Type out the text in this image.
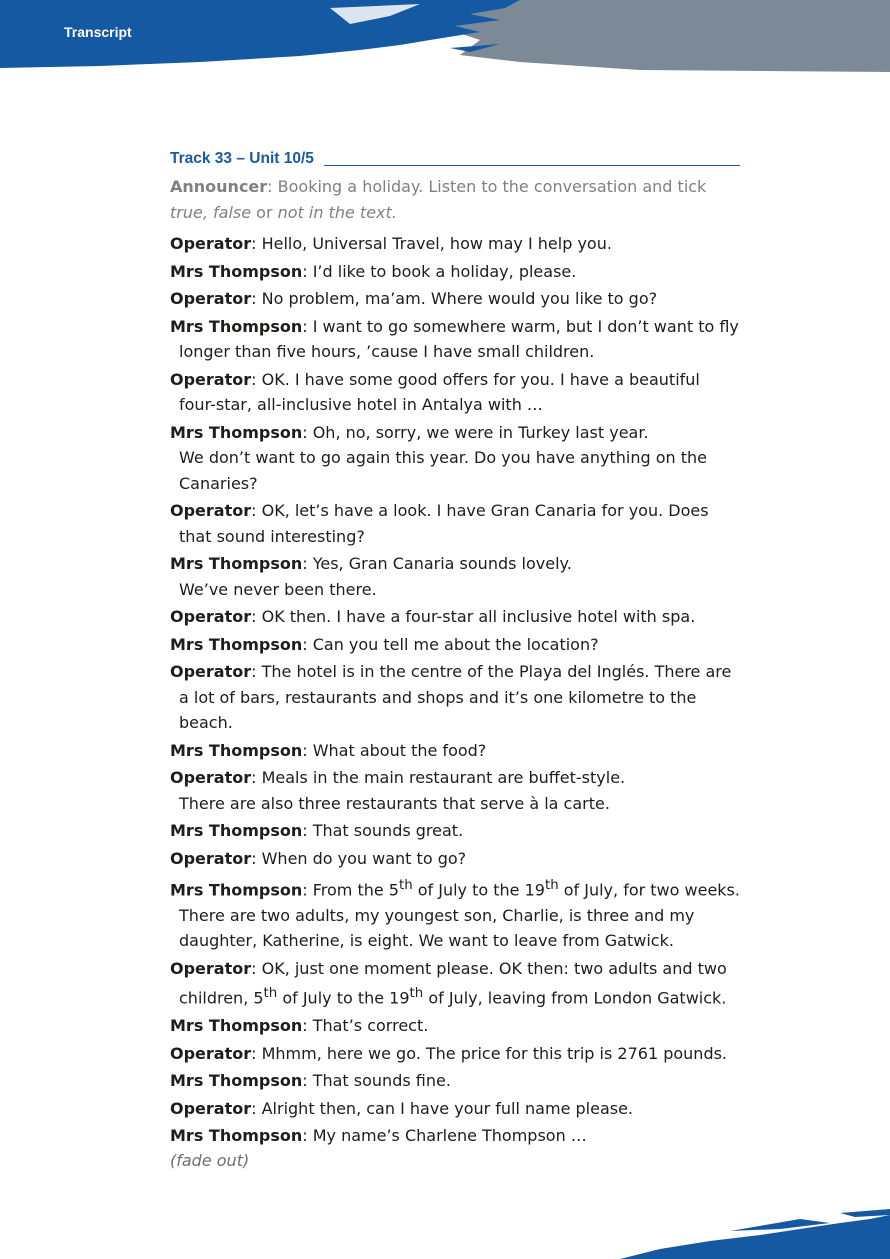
Transcript
Track 33 – Unit 10/5
Announcer: Booking a holiday. Listen to the conversation and tick true, false or not in the text.
Operator: Hello, Universal Travel, how may I help you.
Mrs Thompson: I’d like to book a holiday, please.
Operator: No problem, ma’am. Where would you like to go?
Mrs Thompson: I want to go somewhere warm, but I don’t want to fly longer than five hours, ’cause I have small children.
Operator: OK. I have some good offers for you. I have a beautiful four-star, all-inclusive hotel in Antalya with …
Mrs Thompson: Oh, no, sorry, we were in Turkey last year.
We don’t want to go again this year. Do you have anything on the Canaries?
Operator: OK, let’s have a look. I have Gran Canaria for you. Does that sound interesting?
Mrs Thompson: Yes, Gran Canaria sounds lovely.
We’ve never been there.
Operator: OK then. I have a four-star all inclusive hotel with spa.
Mrs Thompson: Can you tell me about the location?
Operator: The hotel is in the centre of the Playa del Inglés. There are a lot of bars, restaurants and shops and it’s one kilometre to the beach.
Mrs Thompson: What about the food?
Operator: Meals in the main restaurant are buffet-style.
There are also three restaurants that serve à la carte.
Mrs Thompson: That sounds great.
Operator: When do you want to go?
Mrs Thompson: From the 5th of July to the 19th of July, for two weeks.
There are two adults, my youngest son, Charlie, is three and my daughter, Katherine, is eight. We want to leave from Gatwick.
Operator: OK, just one moment please. OK then: two adults and two children, 5th of July to the 19th of July, leaving from London Gatwick.
Mrs Thompson: That’s correct.
Operator: Mhmm, here we go. The price for this trip is 2761 pounds.
Mrs Thompson: That sounds fine.
Operator: Alright then, can I have your full name please.
Mrs Thompson: My name’s Charlene Thompson …
(fade out)
